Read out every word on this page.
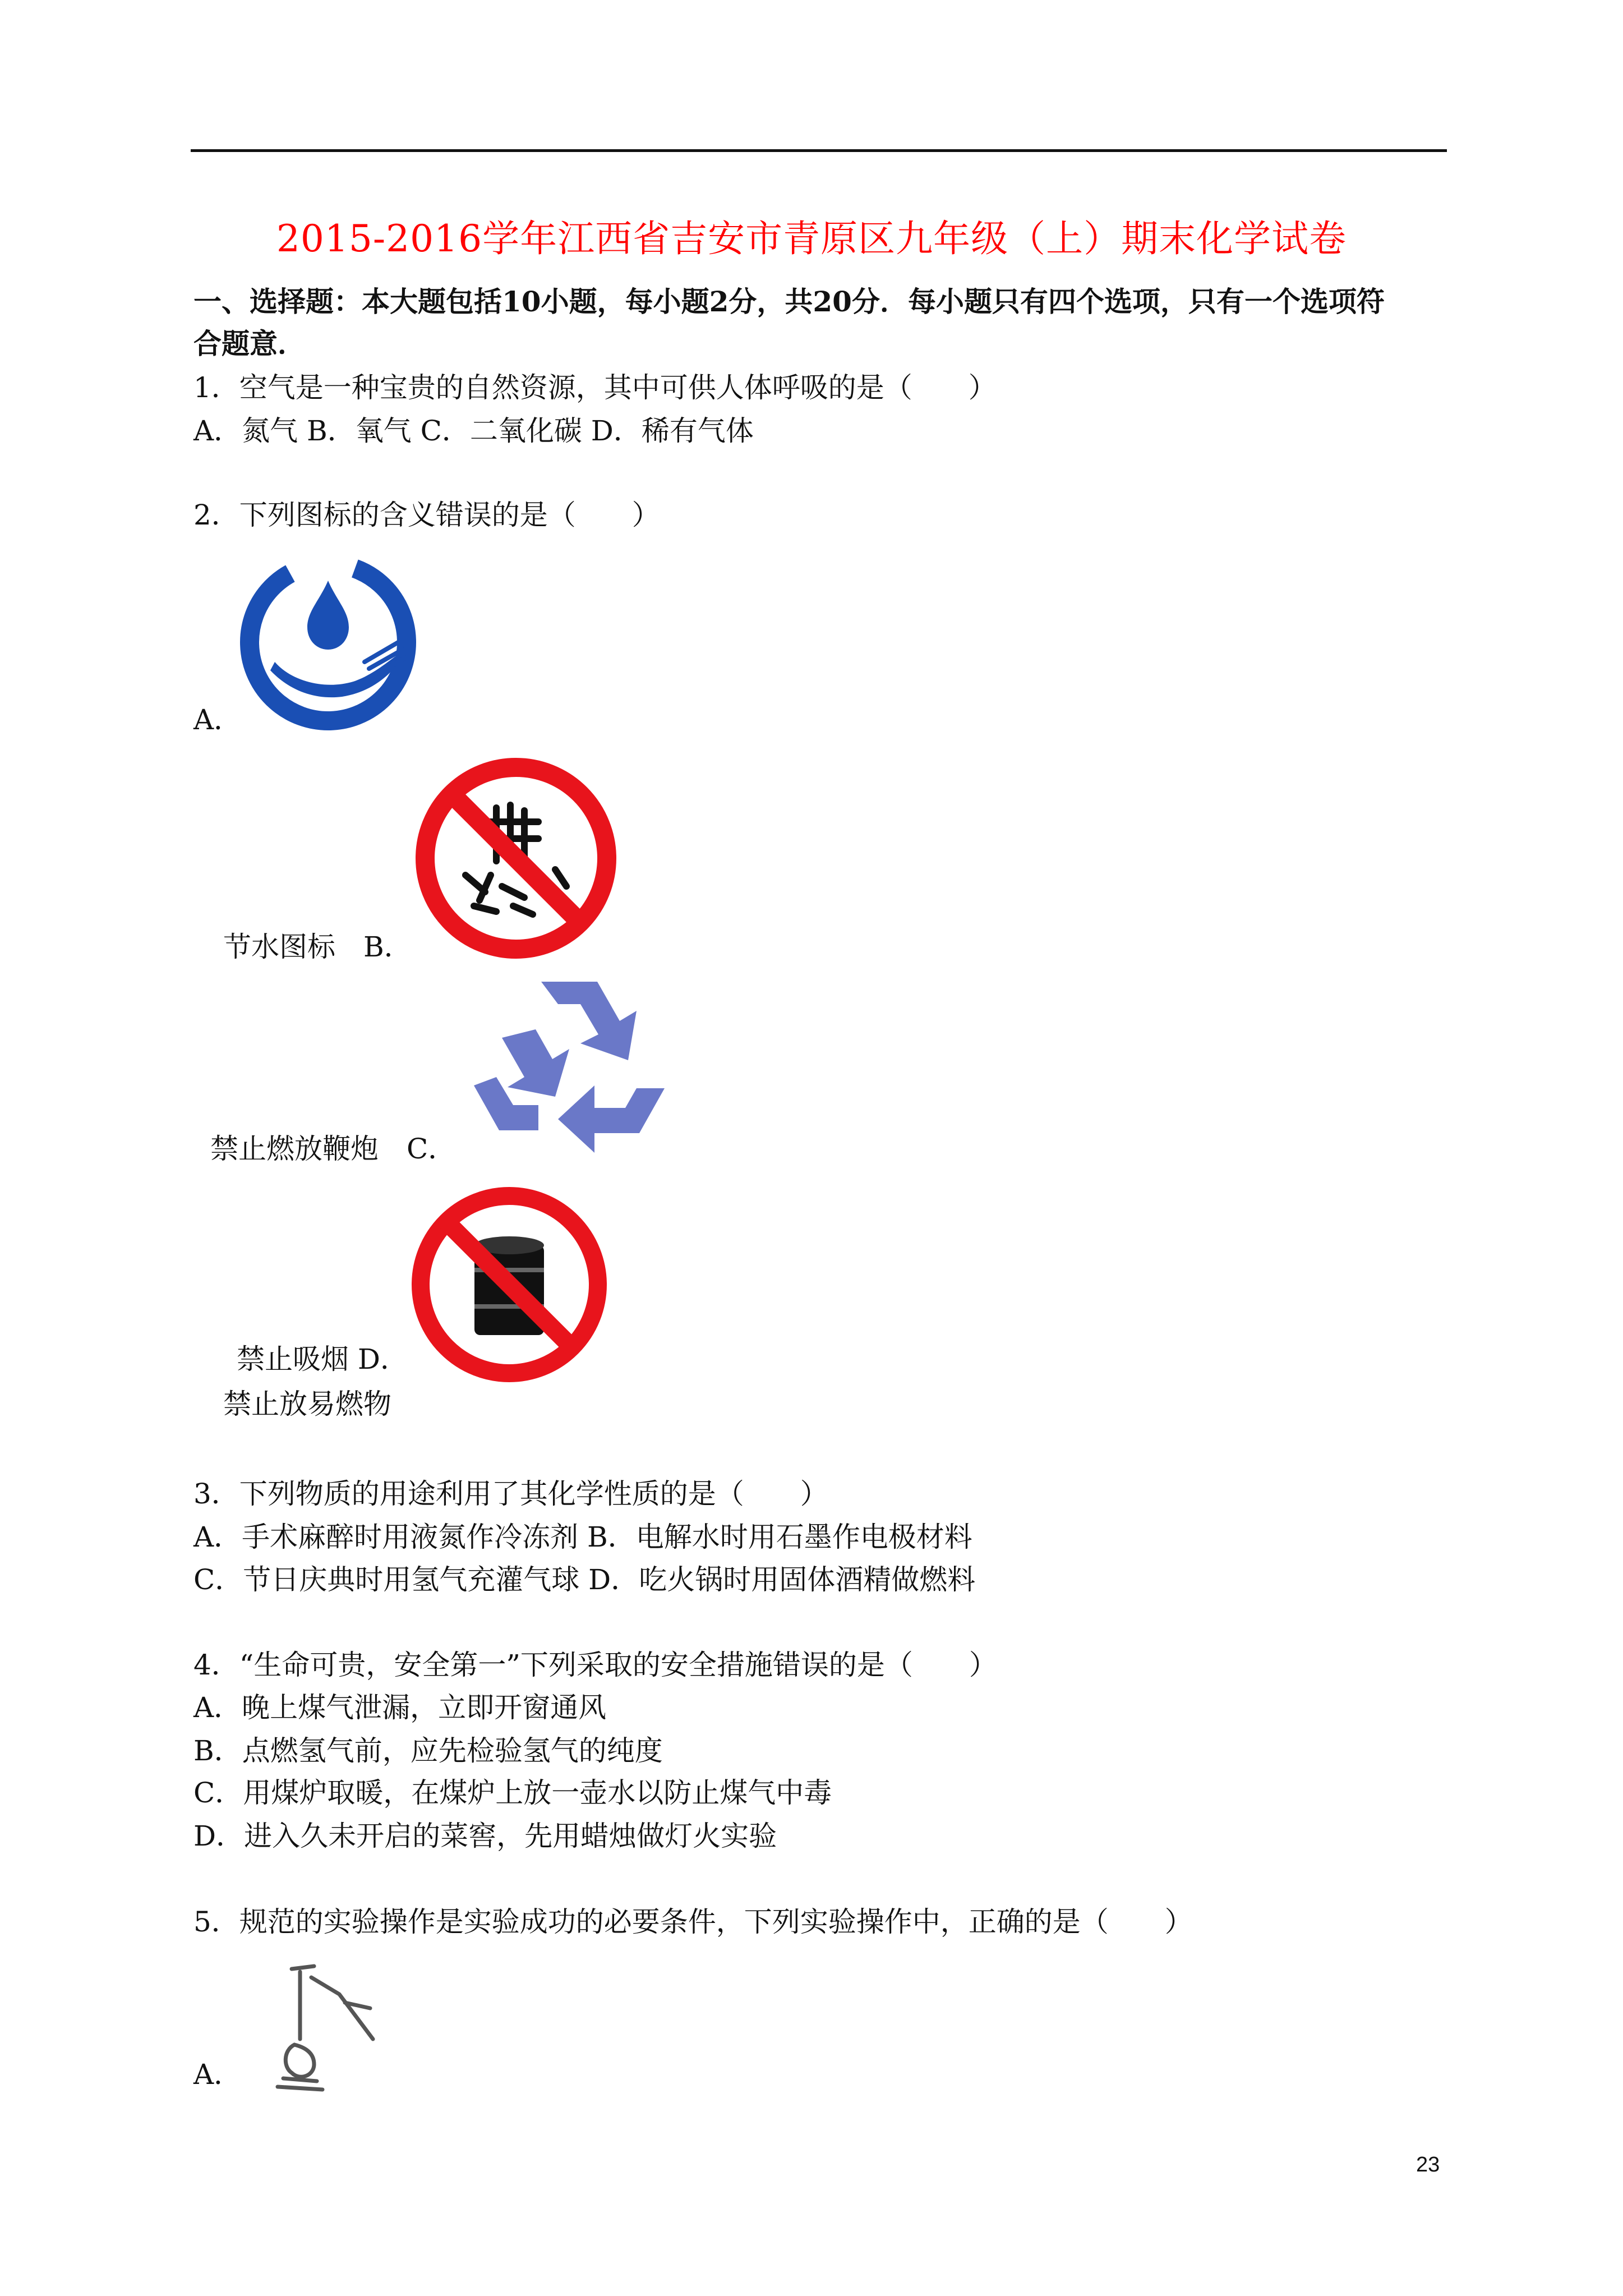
2015-2016学年江西省吉安市青原区九年级（上）期末化学试卷
一、选择题：本大题包括10小题，每小题2分，共20分．每小题只有四个选项，只有一个选项符
合题意．
1．空气是一种宝贵的自然资源，其中可供人体呼吸的是（　　）
A．氮气 B．氧气 C．二氧化碳 D．稀有气体
2．下列图标的含义错误的是（　　）
A．
节水图标　B．
禁止燃放鞭炮　C．
禁止吸烟 D．
禁止放易燃物
3．下列物质的用途利用了其化学性质的是（　　）
A．手术麻醉时用液氮作冷冻剂 B．电解水时用石墨作电极材料
C．节日庆典时用氢气充灌气球 D．吃火锅时用固体酒精做燃料
4．“生命可贵，安全第一”下列采取的安全措施错误的是（　　）
A．晚上煤气泄漏，立即开窗通风
B．点燃氢气前，应先检验氢气的纯度
C．用煤炉取暖，在煤炉上放一壶水以防止煤气中毒
D．进入久未开启的菜窖，先用蜡烛做灯火实验
5．规范的实验操作是实验成功的必要条件，下列实验操作中，正确的是（　　）
A．
23
